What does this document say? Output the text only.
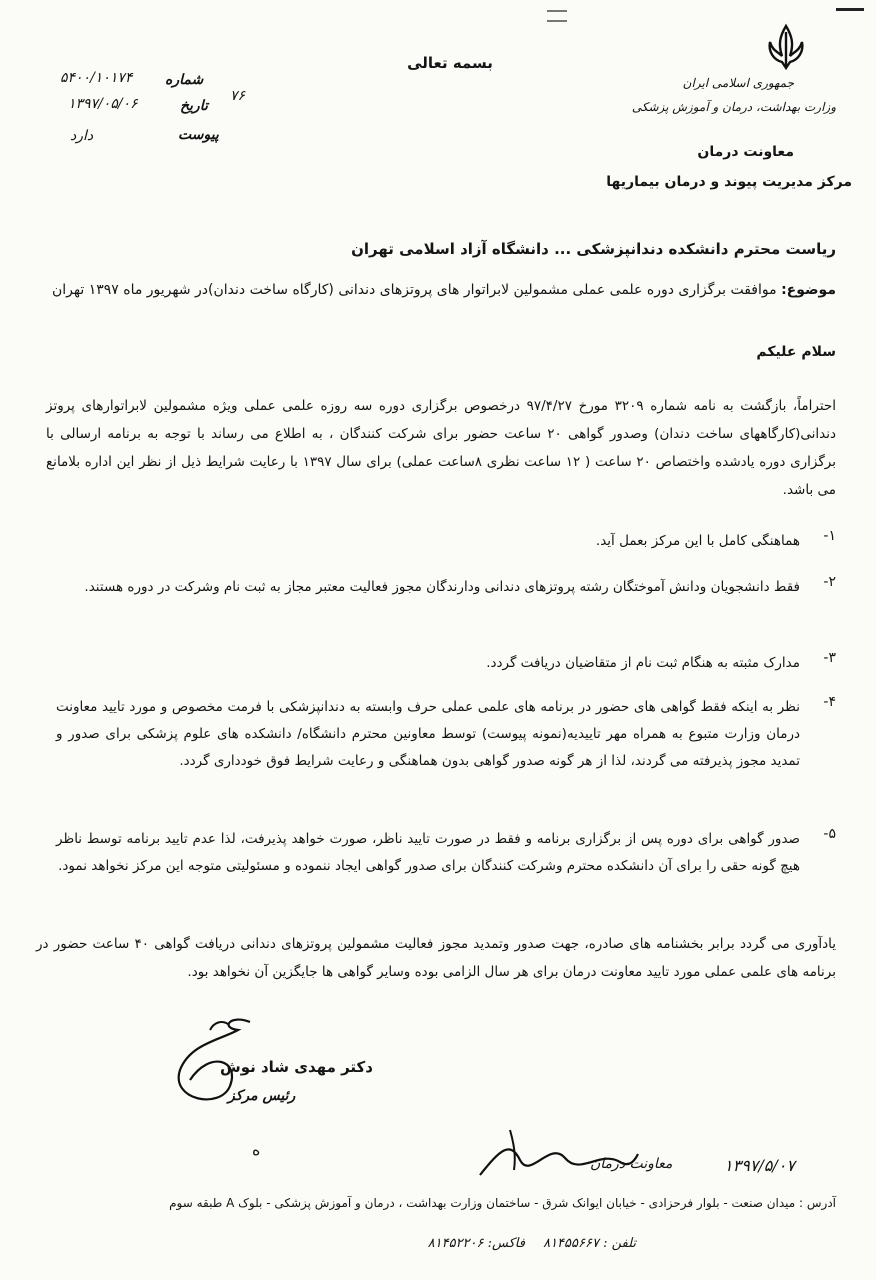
بسمه تعالی
شماره
۵۴۰۰/۱۰۱۷۴
تاریخ
۱۳۹۷/۰۵/۰۶
پیوست
دارد
۷۶
جمهوری اسلامی ایران
وزارت بهداشت، درمان و آموزش پزشکی
معاونت درمان
مرکز مدیریت پیوند و درمان بیماریها
ریاست محترم دانشکده دندانپزشکی ... دانشگاه آزاد اسلامی تهران
موضوع: موافقت برگزاری دوره علمی عملی مشمولین لابراتوار های پروتزهای دندانی (کارگاه ساخت دندان)در شهریور ماه ۱۳۹۷ تهران
سلام علیکم
احتراماً، بازگشت به نامه شماره ۳۲۰۹ مورخ ۹۷/۴/۲۷ درخصوص برگزاری دوره سه روزه علمی عملی ویژه مشمولین لابراتوارهای پروتز دندانی(کارگاههای ساخت دندان) وصدور گواهی ۲۰ ساعت حضور برای شرکت کنندگان ، به اطلاع می رساند با توجه به برنامه ارسالی با برگزاری دوره یادشده واختصاص ۲۰ ساعت ( ۱۲ ساعت نظری ۸ساعت عملی) برای سال ۱۳۹۷ با رعایت شرایط ذیل از نظر این اداره بلامانع می باشد.
-۱
هماهنگی کامل با این مرکز بعمل آید.
-۲
فقط دانشجویان ودانش آموختگان رشته پروتزهای دندانی ودارندگان مجوز فعالیت معتبر مجاز به ثبت نام وشرکت در دوره هستند.
-۳
مدارک مثبته به هنگام ثبت نام از متقاضیان دریافت گردد.
-۴
نظر به اینکه فقط گواهی های حضور در برنامه های علمی عملی حرف وابسته به دندانپزشکی با فرمت مخصوص و مورد تایید معاونت درمان وزارت متبوع به همراه مهر تاییدیه(نمونه پیوست) توسط معاونین محترم دانشگاه/ دانشکده های علوم پزشکی برای صدور و تمدید مجوز پذیرفته می گردند، لذا از هر گونه صدور گواهی بدون هماهنگی و رعایت شرایط فوق خودداری گردد.
-۵
صدور گواهی برای دوره پس از برگزاری برنامه و فقط در صورت تایید ناظر، صورت خواهد پذیرفت، لذا عدم تایید برنامه توسط ناظر هیچ گونه حقی را برای آن دانشکده محترم وشرکت کنندگان برای صدور گواهی ایجاد ننموده و مسئولیتی متوجه این مرکز نخواهد نمود.
یادآوری می گردد برابر بخشنامه های صادره، جهت صدور وتمدید مجوز فعالیت مشمولین پروتزهای دندانی دریافت گواهی ۴۰ ساعت حضور در برنامه های علمی عملی مورد تایید معاونت درمان برای هر سال الزامی بوده وسایر گواهی ها جایگزین آن نخواهد بود.
دکتر مهدی شاد نوش
رئیس مرکز
ه
معاونت درمان	۱۳۹۷/۵/۰۷
آدرس : میدان صنعت - بلوار فرحزادی - خیابان ایوانک شرق - ساختمان وزارت بهداشت ، درمان و آموزش پزشکی - بلوک A طبقه سوم
تلفن : ۸۱۴۵۵۶۶۷ فاکس: ۸۱۴۵۲۲۰۶
